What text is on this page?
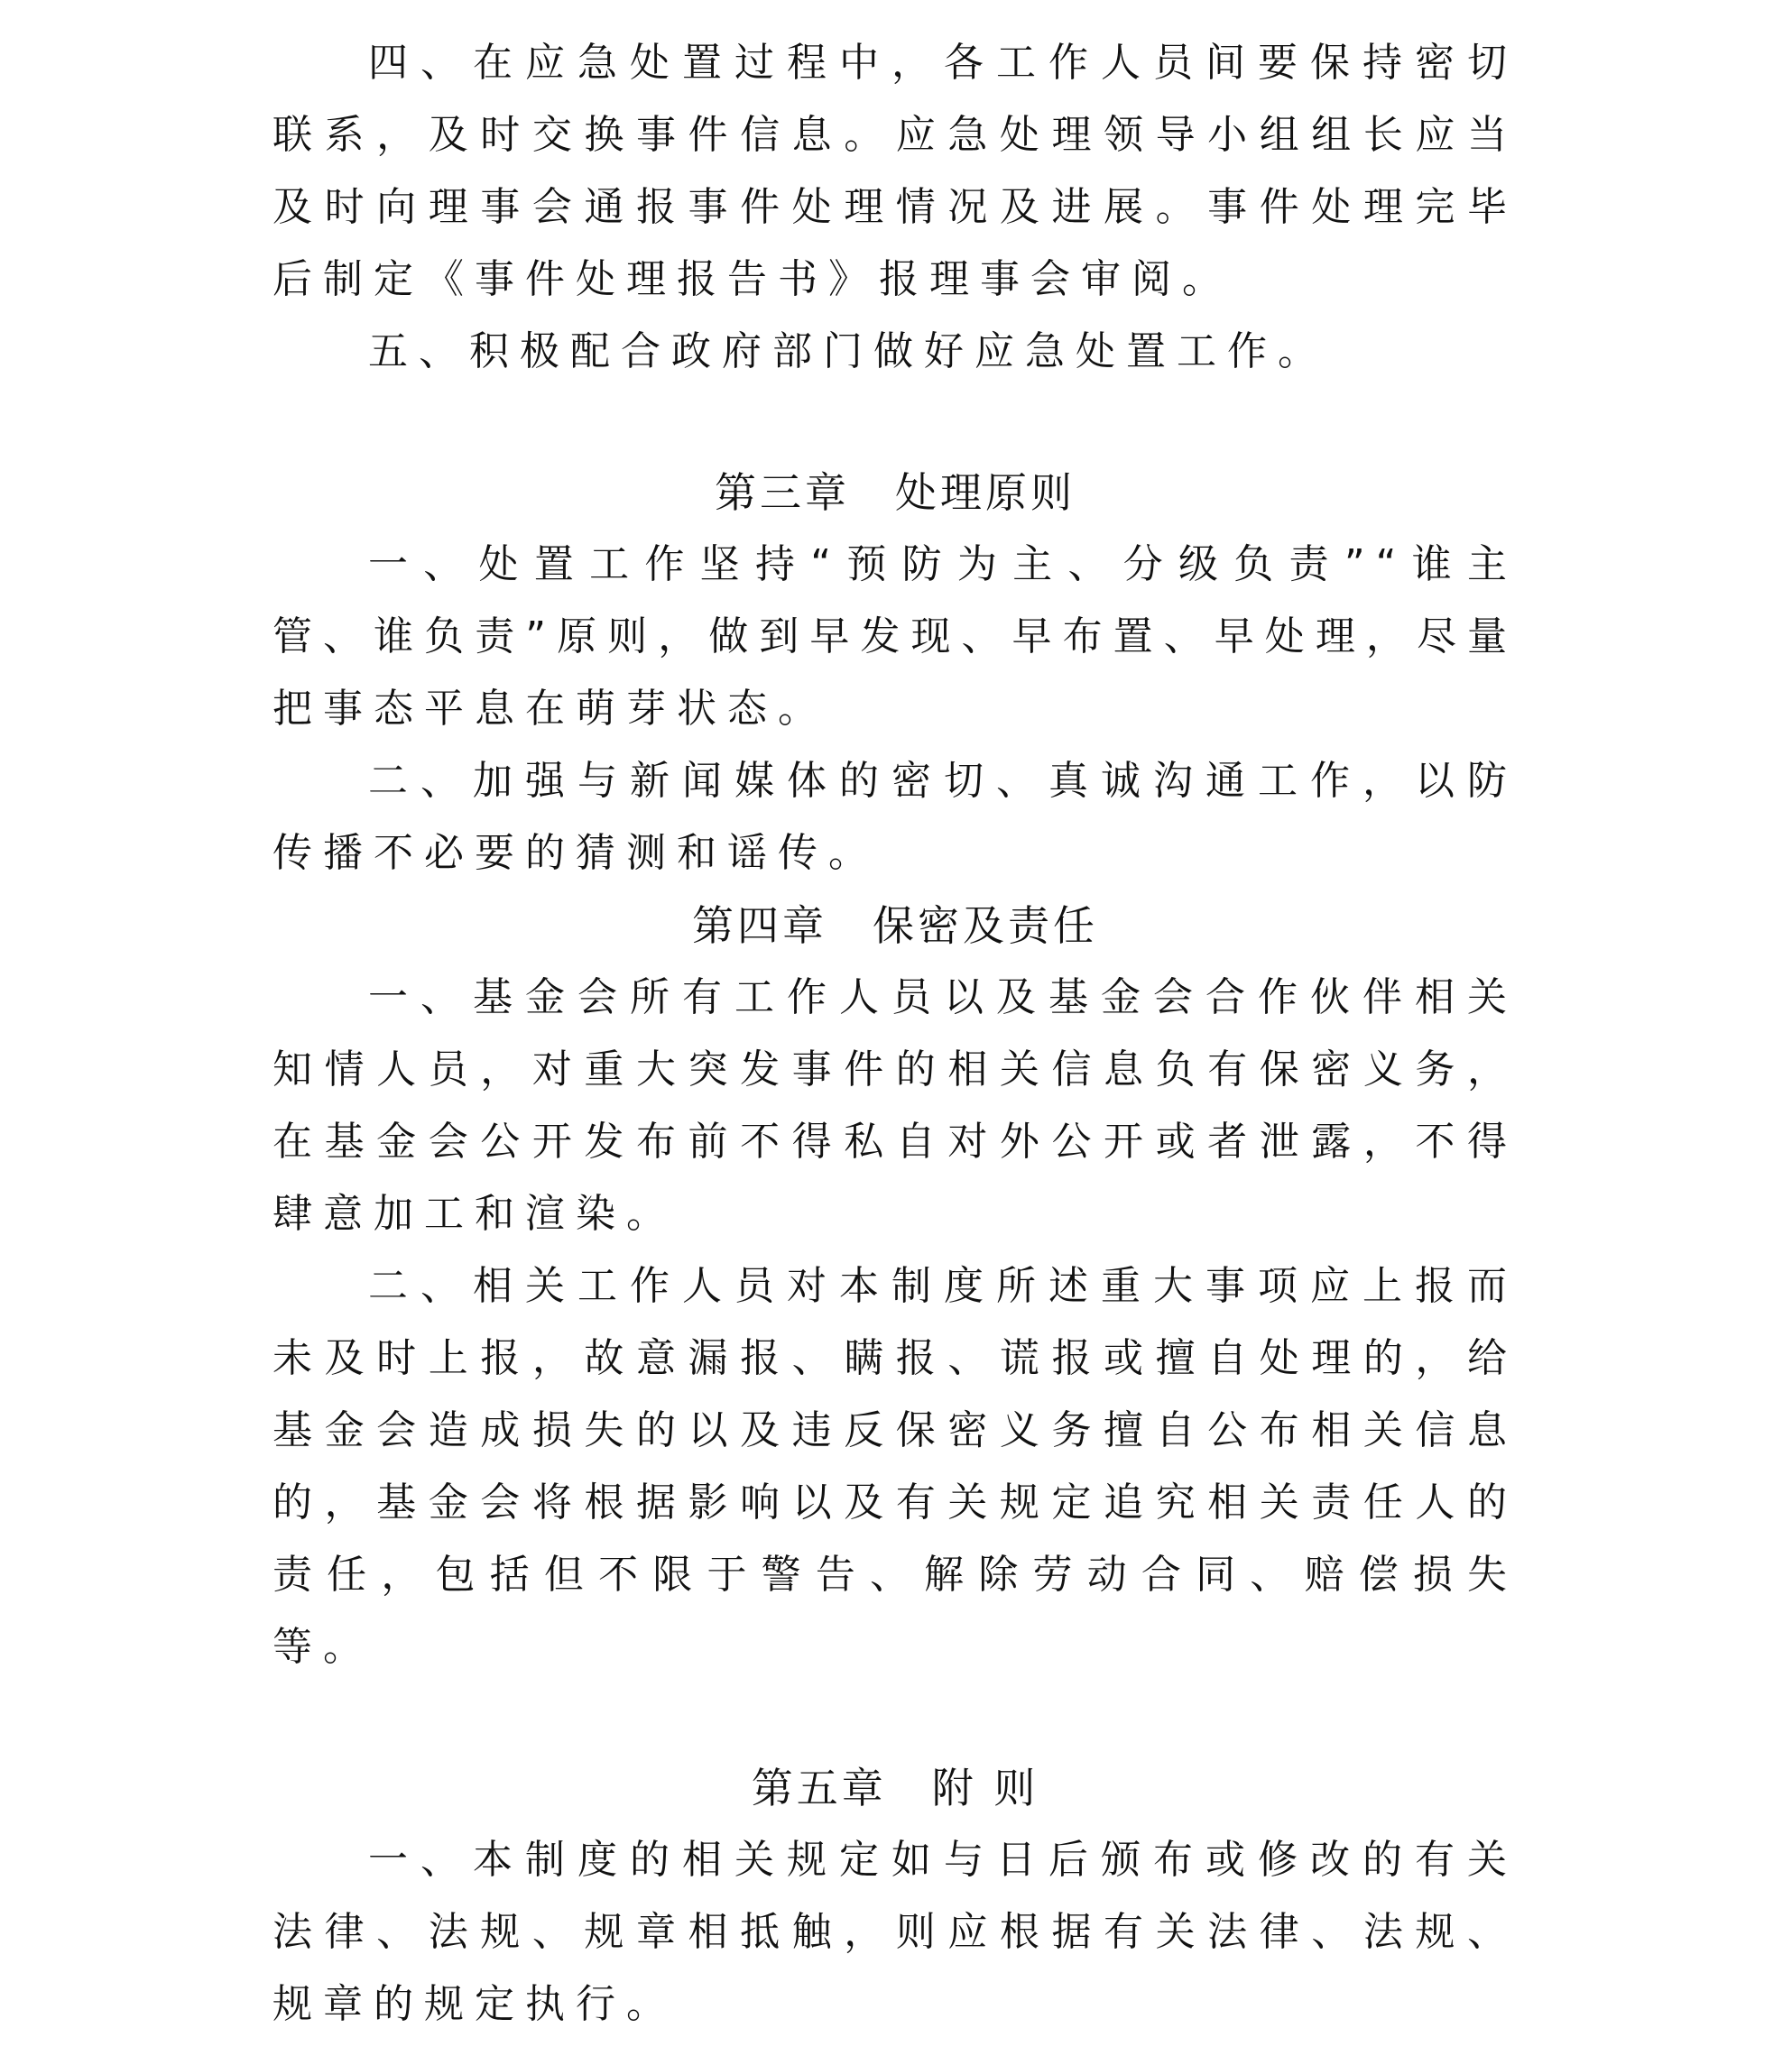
四、在应急处置过程中，各工作人员间要保持密切联系，及时交换事件信息。应急处理领导小组组长应当及时向理事会通报事件处理情况及进展。事件处理完毕后制定《事件处理报告书》报理事会审阅。

五、积极配合政府部门做好应急处置工作。

第三章　处理原则

一、处置工作坚持“预防为主、分级负责”“谁主管、谁负责”原则，做到早发现、早布置、早处理，尽量把事态平息在萌芽状态。

二、加强与新闻媒体的密切、真诚沟通工作，以防传播不必要的猜测和谣传。

第四章　保密及责任

一、基金会所有工作人员以及基金会合作伙伴相关知情人员，对重大突发事件的相关信息负有保密义务，在基金会公开发布前不得私自对外公开或者泄露，不得肆意加工和渲染。

二、相关工作人员对本制度所述重大事项应上报而未及时上报，故意漏报、瞒报、谎报或擅自处理的，给基金会造成损失的以及违反保密义务擅自公布相关信息的，基金会将根据影响以及有关规定追究相关责任人的责任，包括但不限于警告、解除劳动合同、赔偿损失等。

第五章　附 则

一、本制度的相关规定如与日后颁布或修改的有关法律、法规、规章相抵触，则应根据有关法律、法规、规章的规定执行。
